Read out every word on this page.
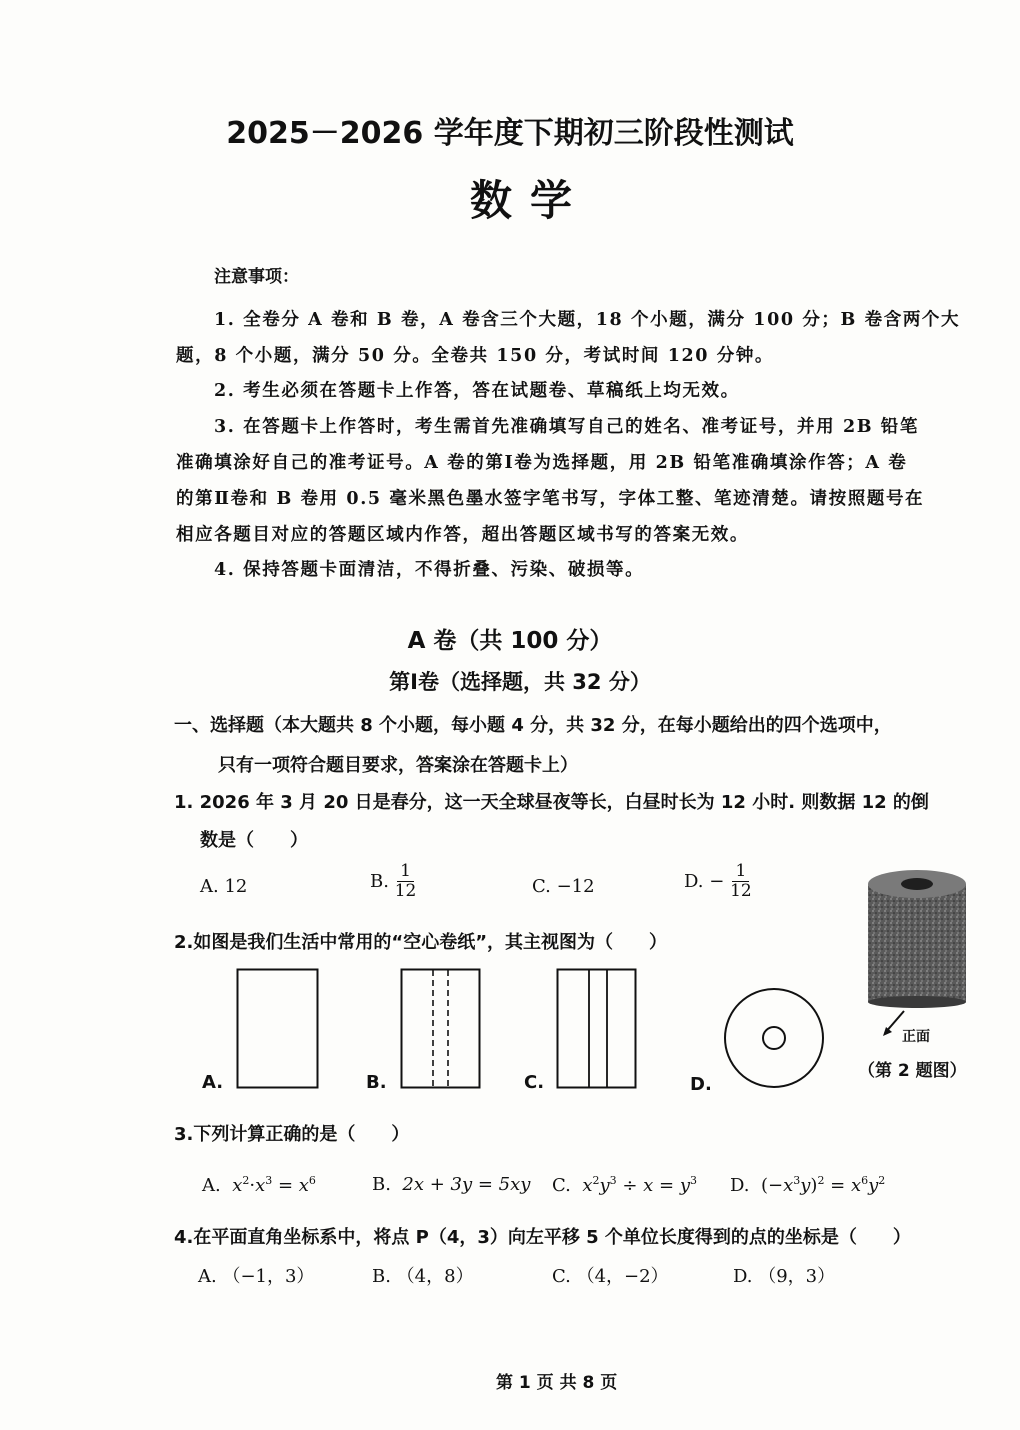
2025－2026 学年度下期初三阶段性测试
数学
注意事项：
1. 全卷分 A 卷和 B 卷，A 卷含三个大题，18 个小题，满分 100 分；B 卷含两个大
题，8 个小题，满分 50 分。全卷共 150 分，考试时间 120 分钟。
2. 考生必须在答题卡上作答，答在试题卷、草稿纸上均无效。
3. 在答题卡上作答时，考生需首先准确填写自己的姓名、准考证号，并用 2B 铅笔
准确填涂好自己的准考证号。A 卷的第Ⅰ卷为选择题，用 2B 铅笔准确填涂作答；A 卷
的第Ⅱ卷和 B 卷用 0.5 毫米黑色墨水签字笔书写，字体工整、笔迹清楚。请按照题号在
相应各题目对应的答题区域内作答，超出答题区域书写的答案无效。
4. 保持答题卡面清洁，不得折叠、污染、破损等。
A 卷（共 100 分）
第Ⅰ卷（选择题，共 32 分）
一、选择题（本大题共 8 个小题，每小题 4 分，共 32 分，在每小题给出的四个选项中，
只有一项符合题目要求，答案涂在答题卡上）
1. 2026 年 3 月 20 日是春分，这一天全球昼夜等长，白昼时长为 12 小时. 则数据 12 的倒
数是（　　）
A. 12	B. $\frac{1}{12}$	C. −12	D. − $\frac{1}{12}$
2.如图是我们生活中常用的“空心卷纸”，其主视图为（　　）
正面
（第 2 题图）
A.	B.	C.	D.
3.下列计算正确的是（　　）
A. $x^2\cdot x^3 = x^6$	B. 2x + 3y = 5xy C. $x^2y^3 \div x = y^3$ D.  $(-x^3y)^2 = x^6y^2$
4.在平面直角坐标系中，将点 P（4，3）向左平移 5 个单位长度得到的点的坐标是（　　）
A. （−1，3）	B. （4，8）	C. （4，−2）	D. （9，3）
第 1 页 共 8 页
